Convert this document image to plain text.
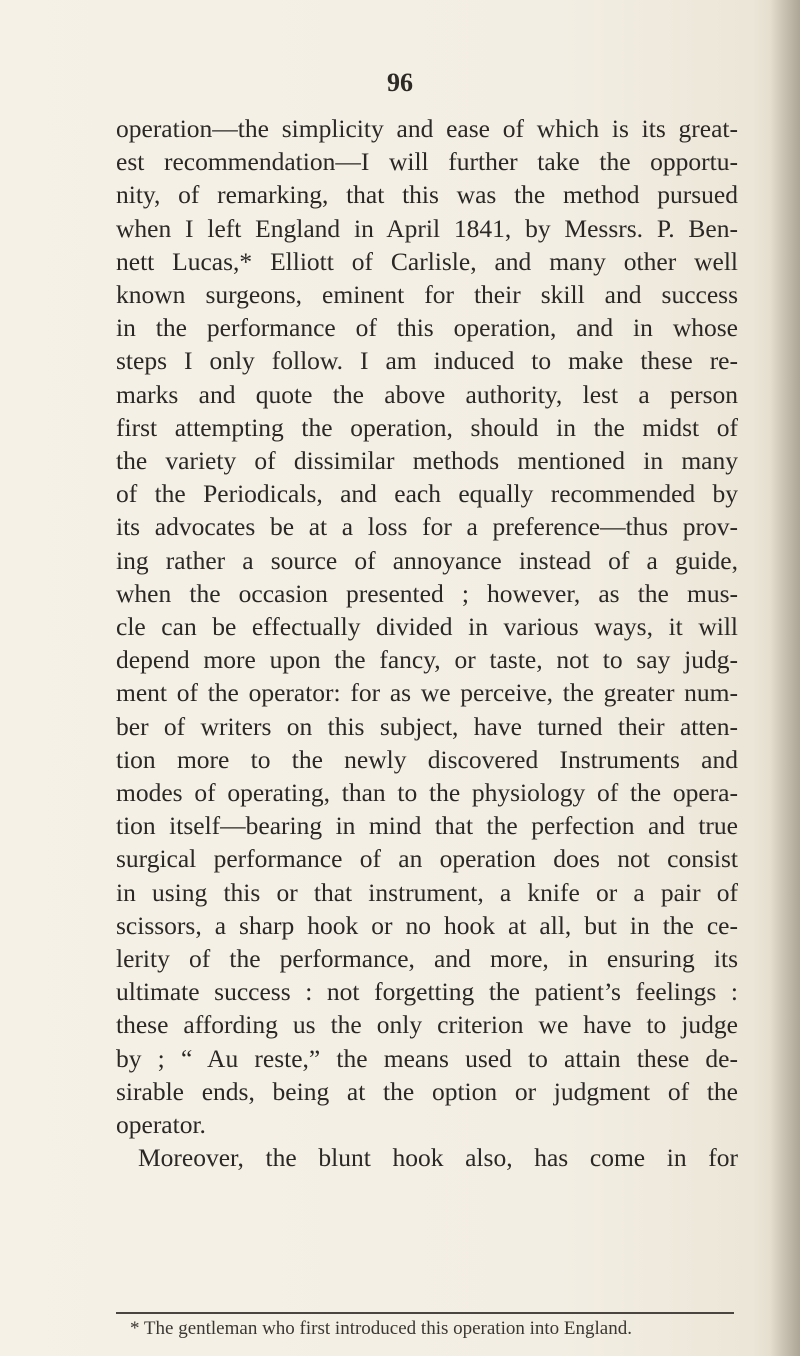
96
operation—the simplicity and ease of which is its great-
est recommendation—I will further take the opportu-
nity, of remarking, that this was the method pursued
when I left England in April 1841, by Messrs. P. Ben-
nett Lucas,* Elliott of Carlisle, and many other well
known surgeons, eminent for their skill and success
in the performance of this operation, and in whose
steps I only follow. I am induced to make these re-
marks and quote the above authority, lest a person
first attempting the operation, should in the midst of
the variety of dissimilar methods mentioned in many
of the Periodicals, and each equally recommended by
its advocates be at a loss for a preference—thus prov-
ing rather a source of annoyance instead of a guide,
when the occasion presented ; however, as the mus-
cle can be effectually divided in various ways, it will
depend more upon the fancy, or taste, not to say judg-
ment of the operator: for as we perceive, the greater num-
ber of writers on this subject, have turned their atten-
tion more to the newly discovered Instruments and
modes of operating, than to the physiology of the opera-
tion itself—bearing in mind that the perfection and true
surgical performance of an operation does not consist
in using this or that instrument, a knife or a pair of
scissors, a sharp hook or no hook at all, but in the ce-
lerity of the performance, and more, in ensuring its
ultimate success : not forgetting the patient’s feelings :
these affording us the only criterion we have to judge
by ; “ Au reste,” the means used to attain these de-
sirable ends, being at the option or judgment of the
operator.
Moreover, the blunt hook also, has come in for
* The gentleman who first introduced this operation into England.
